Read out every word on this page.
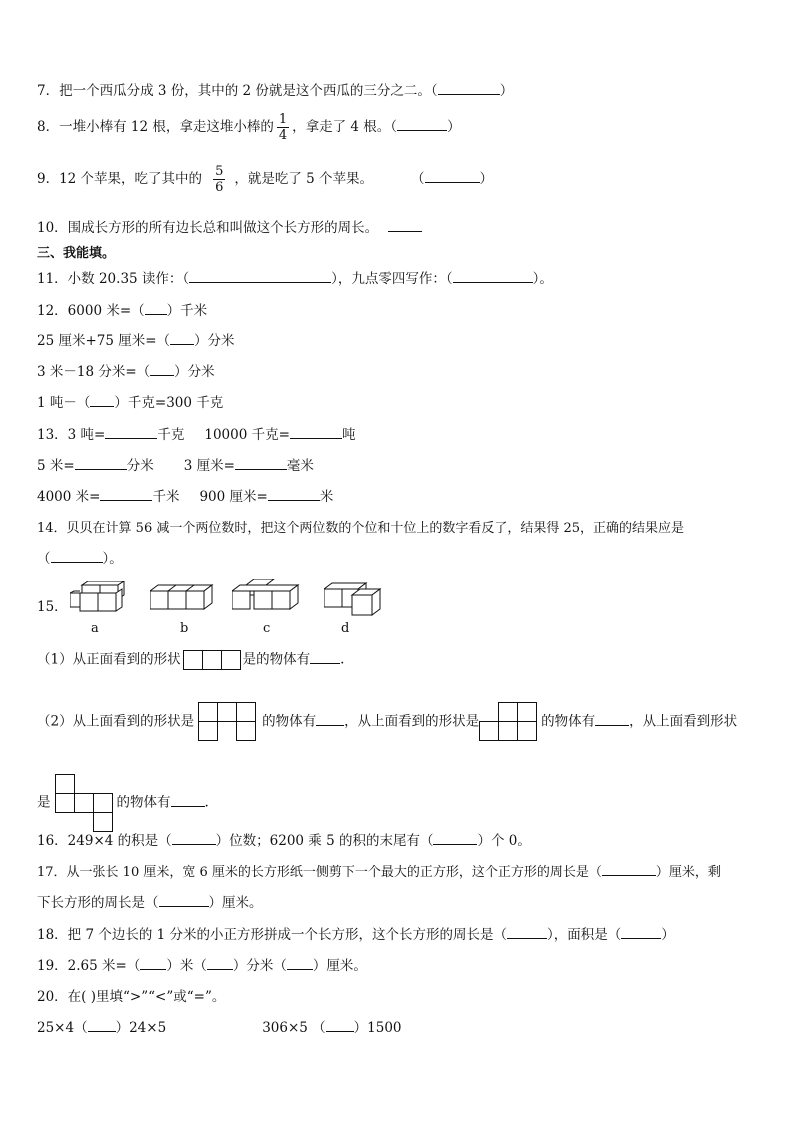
7．把一个西瓜分成 3 份，其中的 2 份就是这个西瓜的三分之二。（	）
8．一堆小棒有 12 根，拿走这堆小棒的 $\frac{1}{4}$ ，拿走了 4 根。（	）
9．12 个苹果，吃了其中的 $\frac{5}{6}$ ，就是吃了 5 个苹果。	（	）
10．围成长方形的所有边长总和叫做这个长方形的周长。
三、我能填。
11．小数 20.35 读作：（	），九点零四写作：（	）。
12．6000 米=（ ）千米
25 厘米+75 厘米=（ ）分米
3 米－18 分米=（ ）分米
1 吨－（ ）千克=300 千克
13．3 吨=	千克 10000 千克=	吨
5 米=	分米 3 厘米=	毫米
4000 米=	千米 900 厘米=	米
14．贝贝在计算 56 减一个两位数时，把这个两位数的个位和十位上的数字看反了，结果得 25，正确的结果应是
（	）。
15．
a	b	c	d
（1）从正面看到的形状	是的物体有 .
（2）从上面看到的形状是	的物体有 ，从上面看到的形状是	的物体有	，从上面看到形状
是	的物体有	.
16．249×4 的积是（	）位数；6200 乘 5 的积的末尾有（	）个 0。
17．从一张长 10 厘米，宽 6 厘米的长方形纸一侧剪下一个最大的正方形，这个正方形的周长是（	）厘米，剩
下长方形的周长是（	）厘米。
18．把 7 个边长的 1 分米的小正方形拼成一个长方形，这个长方形的周长是（	），面积是（	）
19．2.65 米=（ ）米（ ）分米（ ）厘米。
20．在( )里填“>”“<”或“=”。
25×4（ ）24×5	306×5 （ ）1500
